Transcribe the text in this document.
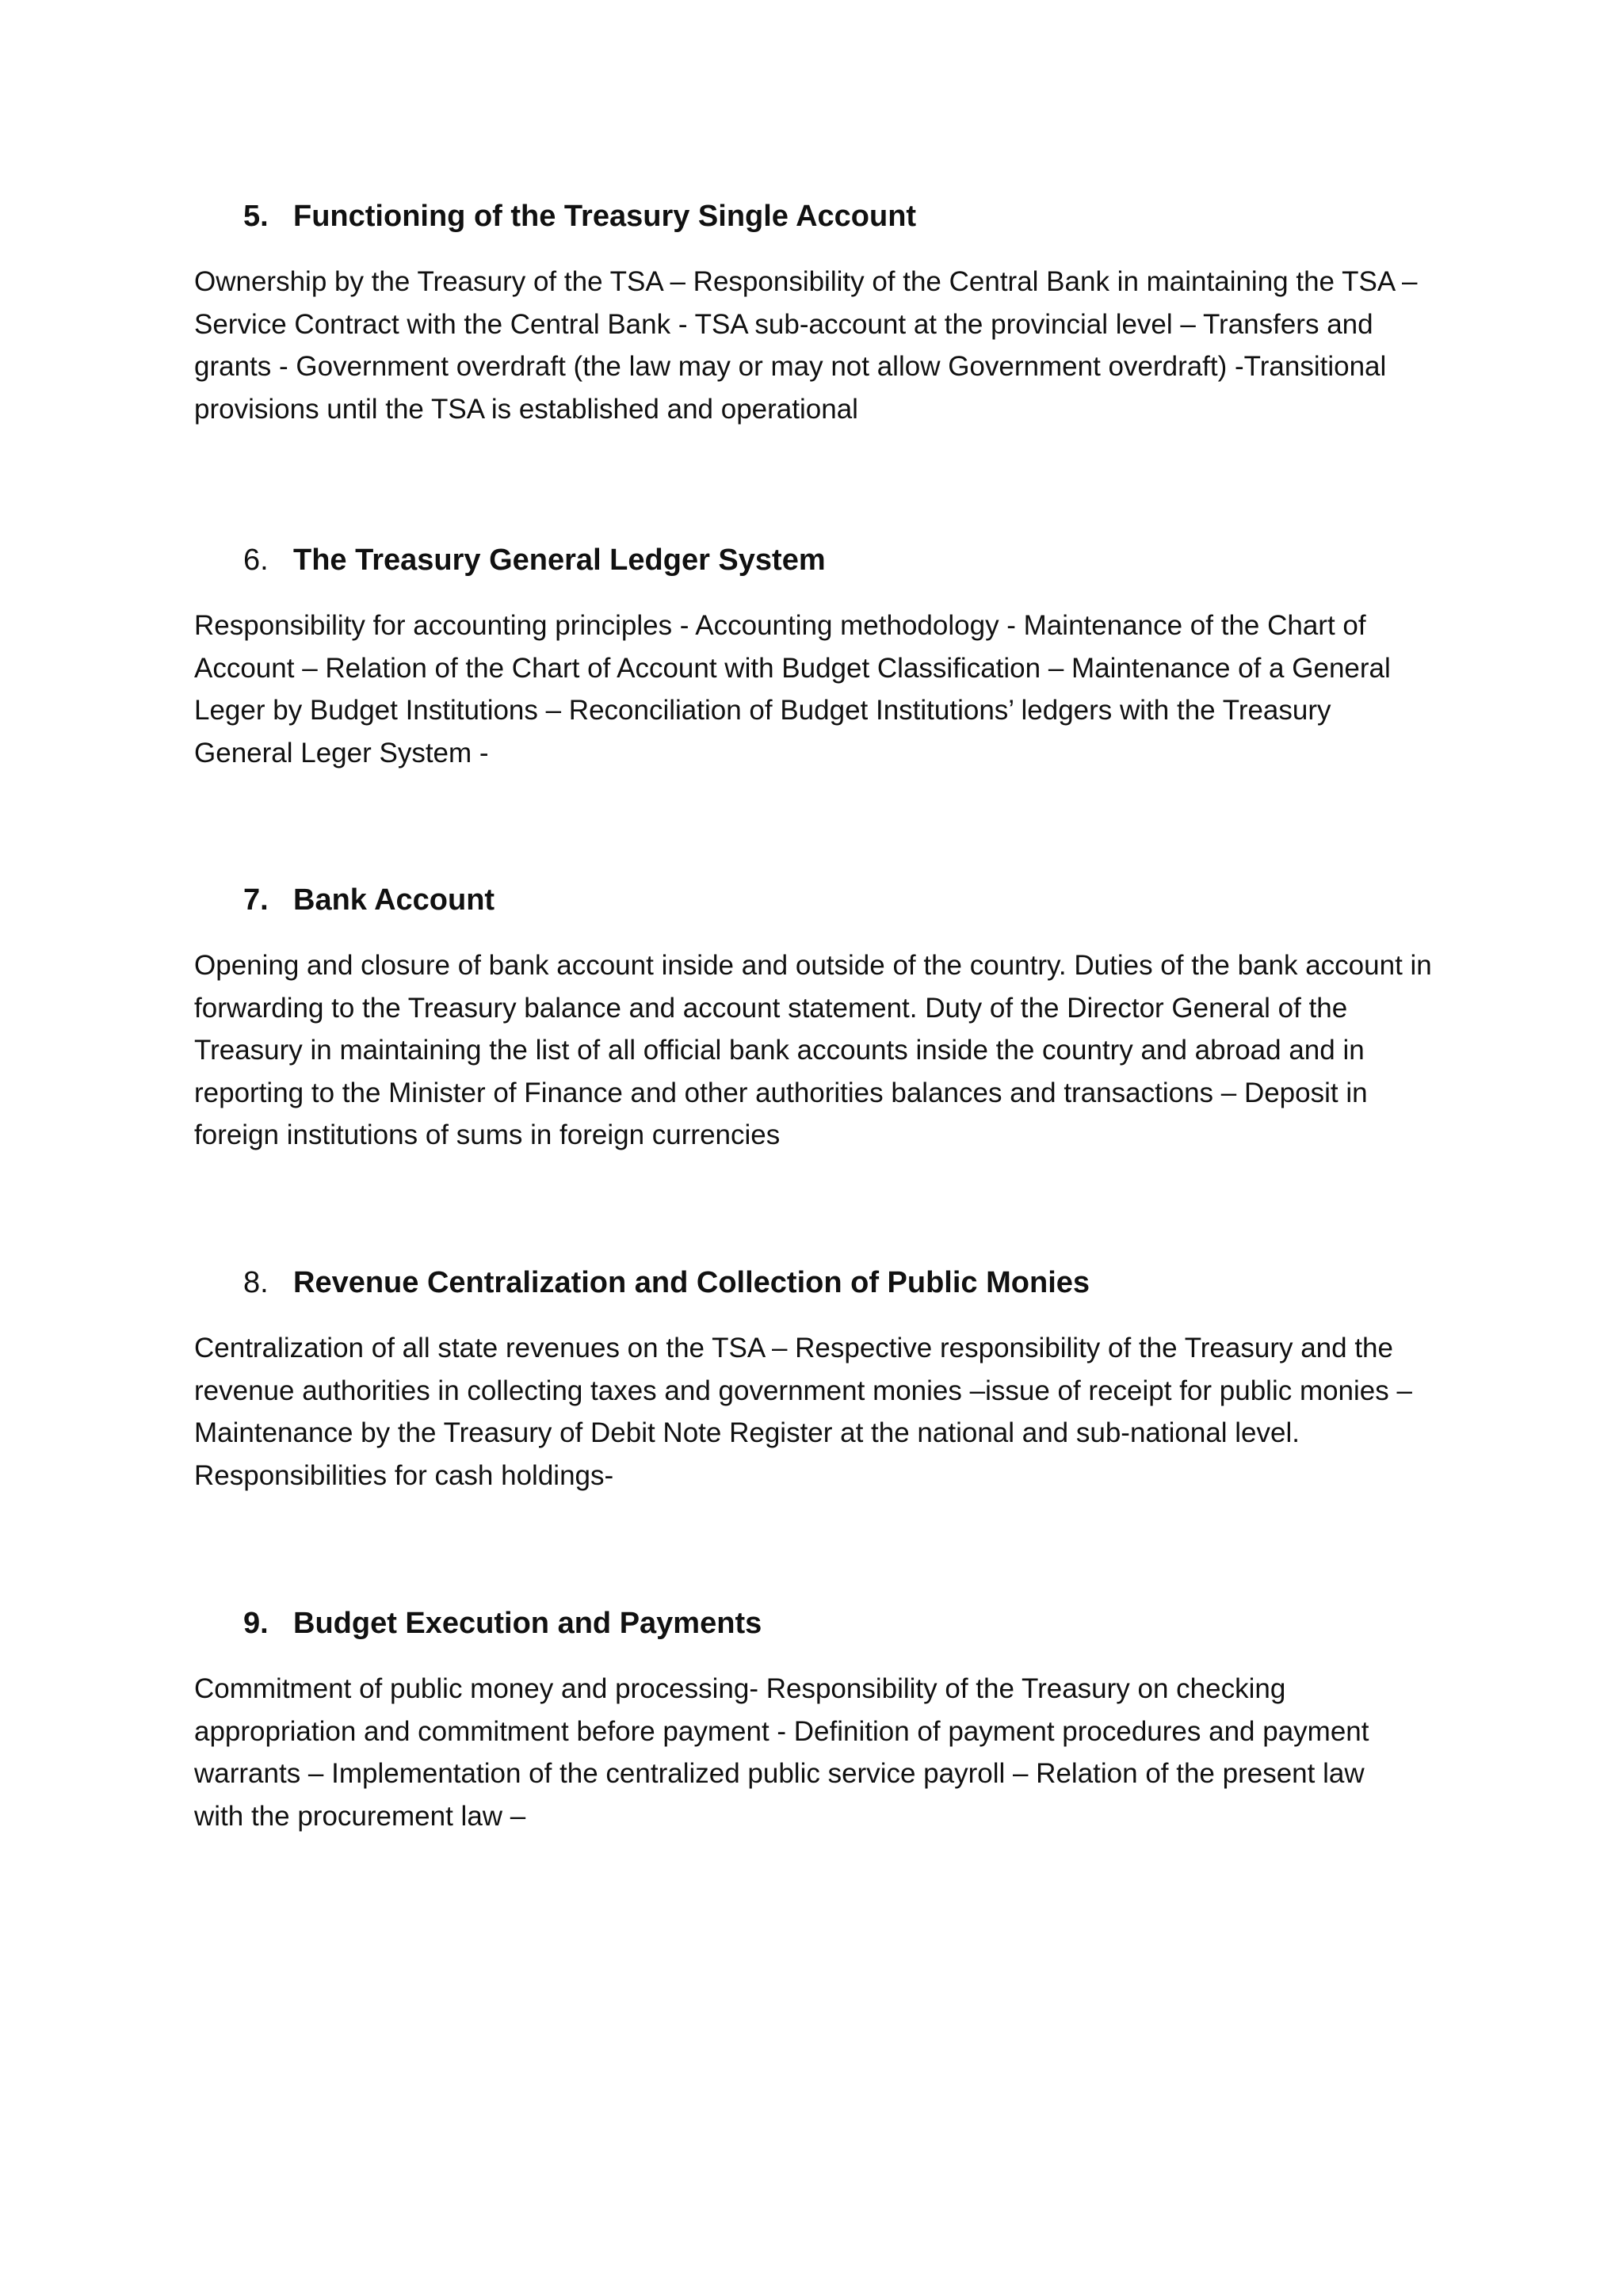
5. Functioning of the Treasury Single Account

Ownership by the Treasury of the TSA – Responsibility of the Central Bank in maintaining the TSA –
Service Contract with the Central Bank - TSA sub-account at the provincial level – Transfers and
grants - Government overdraft (the law may or may not allow Government overdraft) -Transitional
provisions until the TSA is established and operational

6. The Treasury General Ledger System

Responsibility for accounting principles - Accounting methodology - Maintenance of the Chart of
Account – Relation of the Chart of Account with Budget Classification – Maintenance of a General
Leger by Budget Institutions – Reconciliation of Budget Institutions’ ledgers with the Treasury
General Leger System -

7. Bank Account

Opening and closure of bank account inside and outside of the country. Duties of the bank account in
forwarding to the Treasury balance and account statement. Duty of the Director General of the
Treasury in maintaining the list of all official bank accounts inside the country and abroad and in
reporting to the Minister of Finance and other authorities balances and transactions – Deposit in
foreign institutions of sums in foreign currencies

8. Revenue Centralization and Collection of Public Monies

Centralization of all state revenues on the TSA – Respective responsibility of the Treasury and the
revenue authorities in collecting taxes and government monies –issue of receipt for public monies –
Maintenance by the Treasury of Debit Note Register at the national and sub-national level.
Responsibilities for cash holdings-

9. Budget Execution and Payments

Commitment of public money and processing- Responsibility of the Treasury on checking
appropriation and commitment before payment - Definition of payment procedures and payment
warrants – Implementation of the centralized public service payroll – Relation of the present law
with the procurement law –
